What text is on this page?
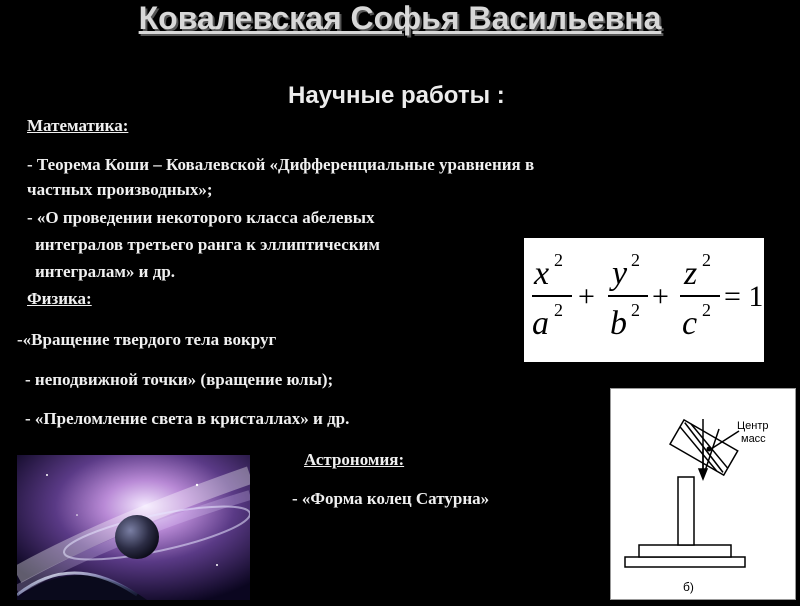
Ковалевская Софья Васильевна
Научные работы :
Математика:
- Теорема Коши – Ковалевской «Дифференциальные уравнения в
частных производных»;
- «О проведении некоторого класса абелевых
интегралов третьего ранга к эллиптическим
интегралам» и др.
Физика:
-«Вращение твердого тела вокруг
- неподвижной точки» (вращение юлы);
- «Преломление света в кристаллах» и др.
Астрономия:
- «Форма колец Сатурна»
x 2
a 2 +
y 2
b 2 +
z 2
c 2 = 1
Центр
масс
б)
